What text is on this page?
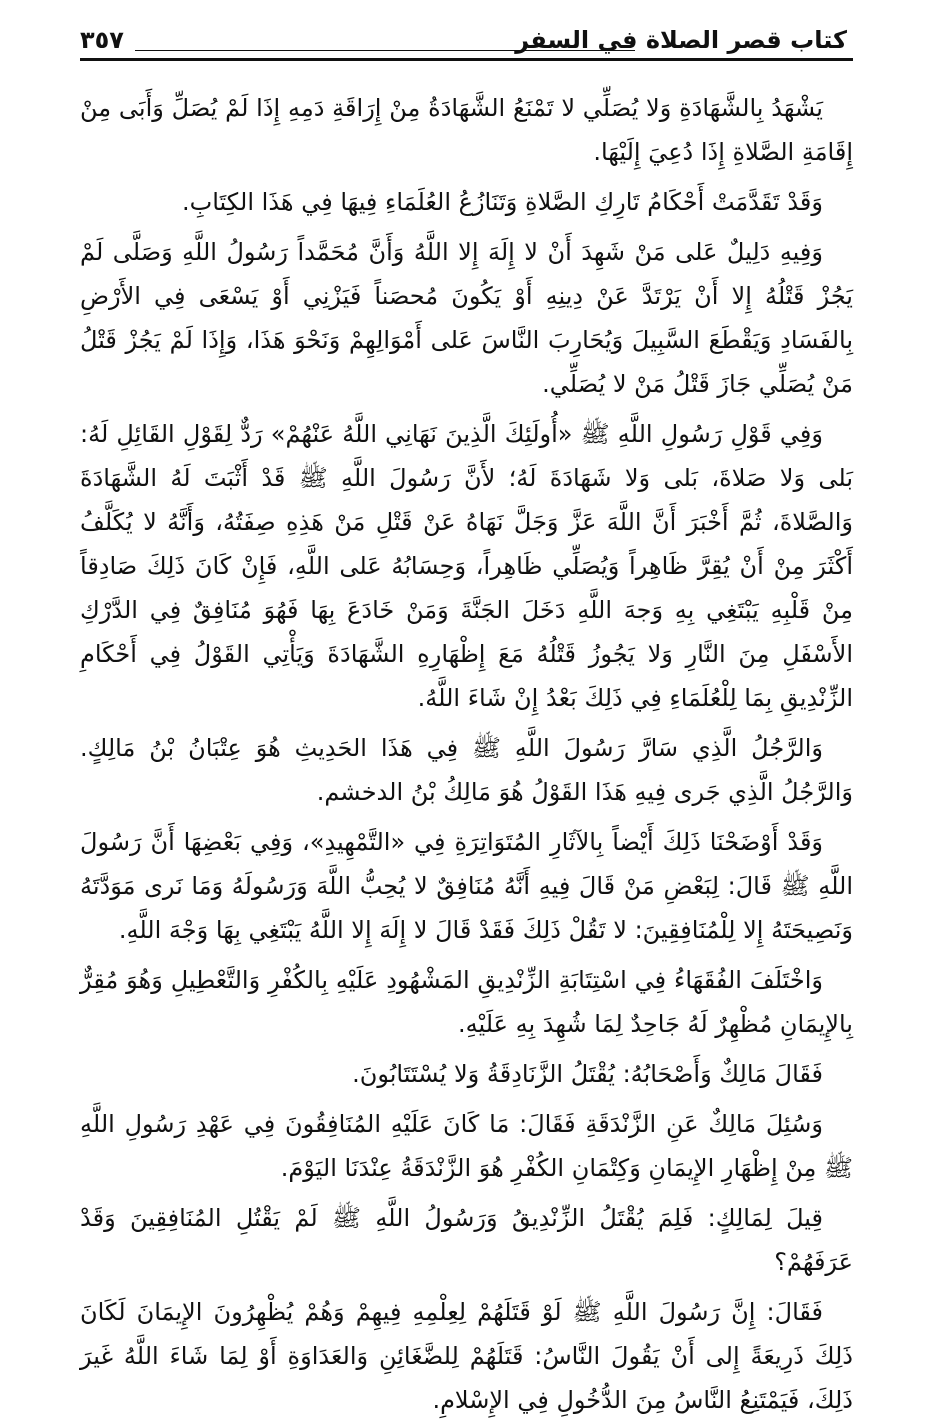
كتاب قصر الصلاة في السفر
٣٥٧

يَشْهَدُ بِالشَّهَادَةِ وَلا يُصَلِّي لا تَمْنَعُ الشَّهَادَةُ مِنْ إِرَاقَةِ دَمِهِ إِذَا لَمْ يُصَلِّ وَأَبَى مِنْ إِقَامَةِ الصَّلاةِ إِذَا دُعِيَ إِلَيْهَا.

وَقَدْ تَقَدَّمَتْ أَحْكَامُ تَارِكِ الصَّلاةِ وَتَنَازُعُ العُلَمَاءِ فِيهَا فِي هَذَا الكِتَابِ.

وَفِيهِ دَلِيلٌ عَلى مَنْ شَهِدَ أَنْ لا إِلَهَ إِلا اللَّهُ وَأَنَّ مُحَمَّداً رَسُولُ اللَّهِ وَصَلَّى لَمْ يَجُزْ قَتْلُهُ إِلا أَنْ يَرْتَدَّ عَنْ دِينِهِ أَوْ يَكُونَ مُحصَناً فَيَزْنِي أَوْ يَسْعَى فِي الأَرْضِ بِالفَسَادِ وَيَقْطَعَ السَّبِيلَ وَيُحَارِبَ النَّاسَ عَلى أَمْوَالِهِمْ وَنَحْوَ هَذَا، وَإِذَا لَمْ يَجُزْ قَتْلُ مَنْ يُصَلِّي جَازَ قَتْلُ مَنْ لا يُصَلِّي.

وَفِي قَوْلِ رَسُولِ اللَّهِ ﷺ «أُولَئِكَ الَّذِينَ نَهَانِي اللَّهُ عَنْهُمْ» رَدٌّ لِقَوْلِ القَائِلِ لَهُ: بَلى وَلا صَلاةَ، بَلى وَلا شَهَادَةَ لَهُ؛ لأَنَّ رَسُولَ اللَّهِ ﷺ قَدْ أَثْبَتَ لَهُ الشَّهَادَةَ وَالصَّلاةَ، ثُمَّ أَخْبَرَ أَنَّ اللَّهَ عَزَّ وَجَلَّ نَهَاهُ عَنْ قَتْلِ مَنْ هَذِهِ صِفَتُهُ، وَأَنَّهُ لا يُكَلَّفُ أَكْثَرَ مِنْ أَنْ يُقِرَّ ظَاهِراً وَيُصَلِّي ظَاهِراً، وَحِسَابُهُ عَلى اللَّهِ، فَإِنْ كَانَ ذَلِكَ صَادِقاً مِنْ قَلْبِهِ يَبْتَغِي بِهِ وَجهَ اللَّهِ دَخَلَ الجَنَّةَ وَمَنْ خَادَعَ بِهَا فَهُوَ مُنَافِقٌ فِي الدَّرْكِ الأَسْفَلِ مِنَ النَّارِ وَلا يَجُوزُ قَتْلُهُ مَعَ إِظْهَارِهِ الشَّهَادَةَ وَيَأْتِي القَوْلُ فِي أَحْكَامِ الزِّنْدِيقِ بِمَا لِلْعُلَمَاءِ فِي ذَلِكَ بَعْدُ إِنْ شَاءَ اللَّهُ.

وَالرَّجُلُ الَّذِي سَارَّ رَسُولَ اللَّهِ ﷺ فِي هَذَا الحَدِيثِ هُوَ عِتْبَانُ بْنُ مَالِكٍ. وَالرَّجُلُ الَّذِي جَرى فِيهِ هَذَا القَوْلُ هُوَ مَالِكُ بْنُ الدخشم.

وَقَدْ أَوْضَحْنَا ذَلِكَ أَيْضاً بِالآثَارِ المُتَوَاتِرَةِ فِي «التَّمْهِيدِ»، وَفِي بَعْضِهَا أَنَّ رَسُولَ اللَّهِ ﷺ قَالَ: لِبَعْضِ مَنْ قَالَ فِيهِ أَنَّهُ مُنَافِقٌ لا يُحِبُّ اللَّهَ وَرَسُولَهُ وَمَا نَرى مَوَدَّتَهُ وَنَصِيحَتَهُ إِلا لِلْمُنَافِقِينَ: لا تَقُلْ ذَلِكَ فَقَدْ قَالَ لا إِلَهَ إِلا اللَّهُ يَبْتَغِي بِهَا وَجْهَ اللَّهِ.

وَاخْتَلَفَ الفُقَهَاءُ فِي اسْتِتَابَةِ الزِّنْدِيقِ المَشْهُودِ عَلَيْهِ بِالكُفْرِ وَالتَّعْطِيلِ وَهُوَ مُقِرٌّ بِالإِيمَانِ مُظْهِرٌ لَهُ جَاحِدٌ لِمَا شُهِدَ بِهِ عَلَيْهِ.

فَقَالَ مَالِكٌ وَأَصْحَابُهُ: يُقْتَلُ الزَّنَادِقَةُ وَلا يُسْتَتَابُونَ.

وَسُئِلَ مَالِكٌ عَنِ الزَّنْدَقَةِ فَقَالَ: مَا كَانَ عَلَيْهِ المُنَافِقُونَ فِي عَهْدِ رَسُولِ اللَّهِ ﷺ مِنْ إِظْهَارِ الإِيمَانِ وَكِتْمَانِ الكُفْرِ هُوَ الزَّنْدَقَةُ عِنْدَنَا اليَوْمَ.

قِيلَ لِمَالِكٍ: فَلِمَ يُقْتَلُ الزِّنْدِيقُ وَرَسُولُ اللَّهِ ﷺ لَمْ يَقْتُلِ المُنَافِقِينَ وَقَدْ عَرَفَهُمْ؟

فَقَالَ: إِنَّ رَسُولَ اللَّهِ ﷺ لَوْ قَتَلَهُمْ لِعِلْمِهِ فِيهِمْ وَهُمْ يُظْهِرُونَ الإِيمَانَ لَكَانَ ذَلِكَ ذَرِيعَةً إِلى أَنْ يَقُولَ النَّاسُ: قَتَلَهُمْ لِلضَّغَائِنِ وَالعَدَاوَةِ أَوْ لِمَا شَاءَ اللَّهُ غَيرَ ذَلِكَ، فَيَمْتَنِعُ النَّاسُ مِنَ الدُّخُولِ فِي الإِسْلامِ.
